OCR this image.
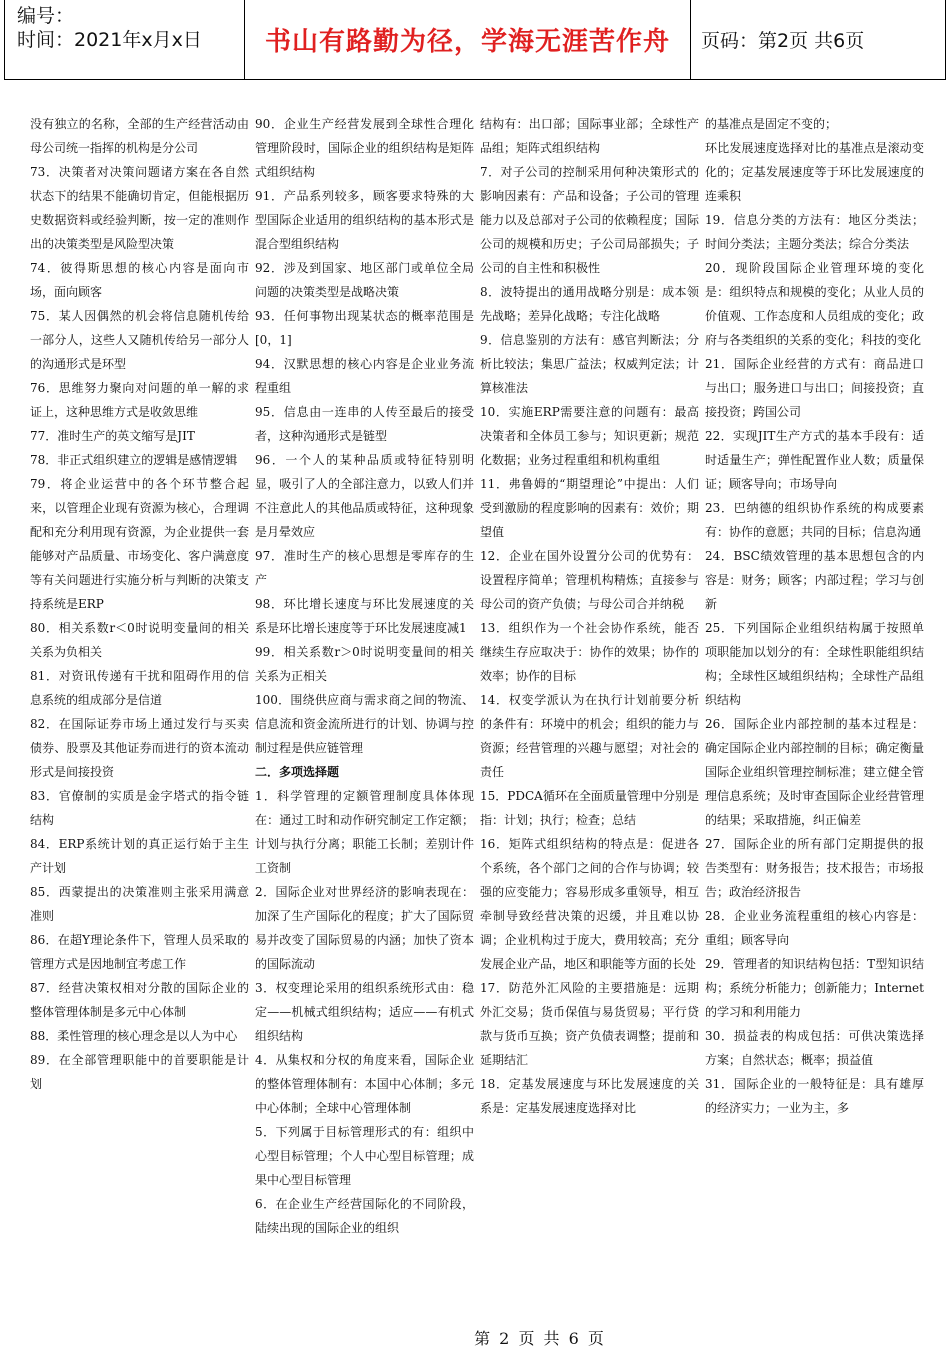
编号：
时间：2021年x月x日	书山有路勤为径，学海无涯苦作舟	页码：第2页 共6页

没有独立的名称，全部的生产经营活动由母公司统一指挥的机构是分公司

73．决策者对决策问题诸方案在各自然状态下的结果不能确切肯定，但能根据历史数据资料或经验判断，按一定的准则作出的决策类型是风险型决策

74．彼得斯思想的核心内容是面向市场，面向顾客

75．某人因偶然的机会将信息随机传给一部分人，这些人又随机传给另一部分人的沟通形式是环型

76．思维努力聚向对问题的单一解的求证上，这种思维方式是收敛思维

77．准时生产的英文缩写是JIT

78．非正式组织建立的逻辑是感情逻辑

79．将企业运营中的各个环节整合起来，以管理企业现有资源为核心，合理调配和充分利用现有资源，为企业提供一套能够对产品质量、市场变化、客户满意度等有关问题进行实施分析与判断的决策支持系统是ERP

80．相关系数r＜0时说明变量间的相关关系为负相关

81．对资讯传递有干扰和阻碍作用的信息系统的组成部分是信道

82．在国际证券市场上通过发行与买卖债券、股票及其他证券而进行的资本流动形式是间接投资

83．官僚制的实质是金字塔式的指令链结构

84．ERP系统计划的真正运行始于主生产计划

85．西蒙提出的决策准则主张采用满意准则

86．在超Y理论条件下，管理人员采取的管理方式是因地制宜考虑工作

87．经营决策权相对分散的国际企业的整体管理体制是多元中心体制

88．柔性管理的核心理念是以人为中心

89．在全部管理职能中的首要职能是计划

90．企业生产经营发展到全球性合理化管理阶段时，国际企业的组织结构是矩阵式组织结构

91．产品系列较多，顾客要求特殊的大型国际企业适用的组织结构的基本形式是混合型组织结构

92．涉及到国家、地区部门或单位全局问题的决策类型是战略决策

93．任何事物出现某状态的概率范围是[0，1]

94．汉默思想的核心内容是企业业务流程重组

95．信息由一连串的人传至最后的接受者，这种沟通形式是链型

96．一个人的某种品质或特征特别明显，吸引了人的全部注意力，以致人们并不注意此人的其他品质或特征，这种现象是月晕效应

97．准时生产的核心思想是零库存的生产

98．环比增长速度与环比发展速度的关系是环比增长速度等于环比发展速度减1

99．相关系数r＞0时说明变量间的相关关系为正相关

100．围绕供应商与需求商之间的物流、信息流和资金流所进行的计划、协调与控制过程是供应链管理

二．多项选择题

1．科学管理的定额管理制度具体体现在：通过工时和动作研究制定工作定额；计划与执行分离；职能工长制；差别计件工资制

2．国际企业对世界经济的影响表现在：加深了生产国际化的程度；扩大了国际贸易并改变了国际贸易的内涵；加快了资本的国际流动

3．权变理论采用的组织系统形式由：稳定——机械式组织结构；适应——有机式组织结构

4．从集权和分权的角度来看，国际企业的整体管理体制有：本国中心体制；多元中心体制；全球中心管理体制

5．下列属于目标管理形式的有：组织中心型目标管理；个人中心型目标管理；成果中心型目标管理

6．在企业生产经营国际化的不同阶段，陆续出现的国际企业的组织

结构有：出口部；国际事业部；全球性产品组；矩阵式组织结构

7．对子公司的控制采用何种决策形式的影响因素有：产品和设备；子公司的管理能力以及总部对子公司的依赖程度；国际公司的规模和历史；子公司局部损失；子公司的自主性和积极性

8．波特提出的通用战略分别是：成本领先战略；差异化战略；专注化战略

9．信息鉴别的方法有：感官判断法；分析比较法；集思广益法；权威判定法；计算核准法

10．实施ERP需要注意的问题有：最高决策者和全体员工参与；知识更新；规范化数据；业务过程重组和机构重组

11．弗鲁姆的“期望理论”中提出：人们受到激励的程度影响的因素有：效价；期望值

12．企业在国外设置分公司的优势有：设置程序简单；管理机构精炼；直接参与母公司的资产负债；与母公司合并纳税

13．组织作为一个社会协作系统，能否继续生存应取决于：协作的效果；协作的效率；协作的目标

14．权变学派认为在执行计划前要分析的条件有：环境中的机会；组织的能力与资源；经营管理的兴趣与愿望；对社会的责任

15．PDCA循环在全面质量管理中分别是指：计划；执行；检查；总结

16．矩阵式组织结构的特点是：促进各个系统，各个部门之间的合作与协调；较强的应变能力；容易形成多重领导，相互牵制导致经营决策的迟缓，并且难以协调；企业机构过于庞大，费用较高；充分发展企业产品，地区和职能等方面的长处

17．防范外汇风险的主要措施是：远期外汇交易；货币保值与易货贸易；平行贷款与货币互换；资产负债表调整；提前和延期结汇

18．定基发展速度与环比发展速度的关系是：定基发展速度选择对比

的基准点是固定不变的；

环比发展速度选择对比的基准点是滚动变化的；定基发展速度等于环比发展速度的连乘积

19．信息分类的方法有：地区分类法；时间分类法；主题分类法；综合分类法

20．现阶段国际企业管理环境的变化是：组织特点和规模的变化；从业人员的价值观、工作态度和人员组成的变化；政府与各类组织的关系的变化；科技的变化

21．国际企业经营的方式有：商品进口与出口；服务进口与出口；间接投资；直接投资；跨国公司

22．实现JIT生产方式的基本手段有：适时适量生产；弹性配置作业人数；质量保证；顾客导向；市场导向

23．巴纳德的组织协作系统的构成要素有：协作的意愿；共同的目标；信息沟通

24．BSC绩效管理的基本思想包含的内容是：财务；顾客；内部过程；学习与创新

25．下列国际企业组织结构属于按照单项职能加以划分的有：全球性职能组织结构；全球性区域组织结构；全球性产品组织结构

26．国际企业内部控制的基本过程是：确定国际企业内部控制的目标；确定衡量国际企业组织管理控制标准；建立健全管理信息系统；及时审查国际企业经营管理的结果；采取措施，纠正偏差

27．国际企业的所有部门定期提供的报告类型有：财务报告；技术报告；市场报告；政治经济报告

28．企业业务流程重组的核心内容是：重组；顾客导向

29．管理者的知识结构包括：T型知识结构；系统分析能力；创新能力；Internet的学习和利用能力

30．损益表的构成包括：可供决策选择方案；自然状态；概率；损益值

31．国际企业的一般特征是：具有雄厚的经济实力；一业为主，多

第 2 页 共 6 页
